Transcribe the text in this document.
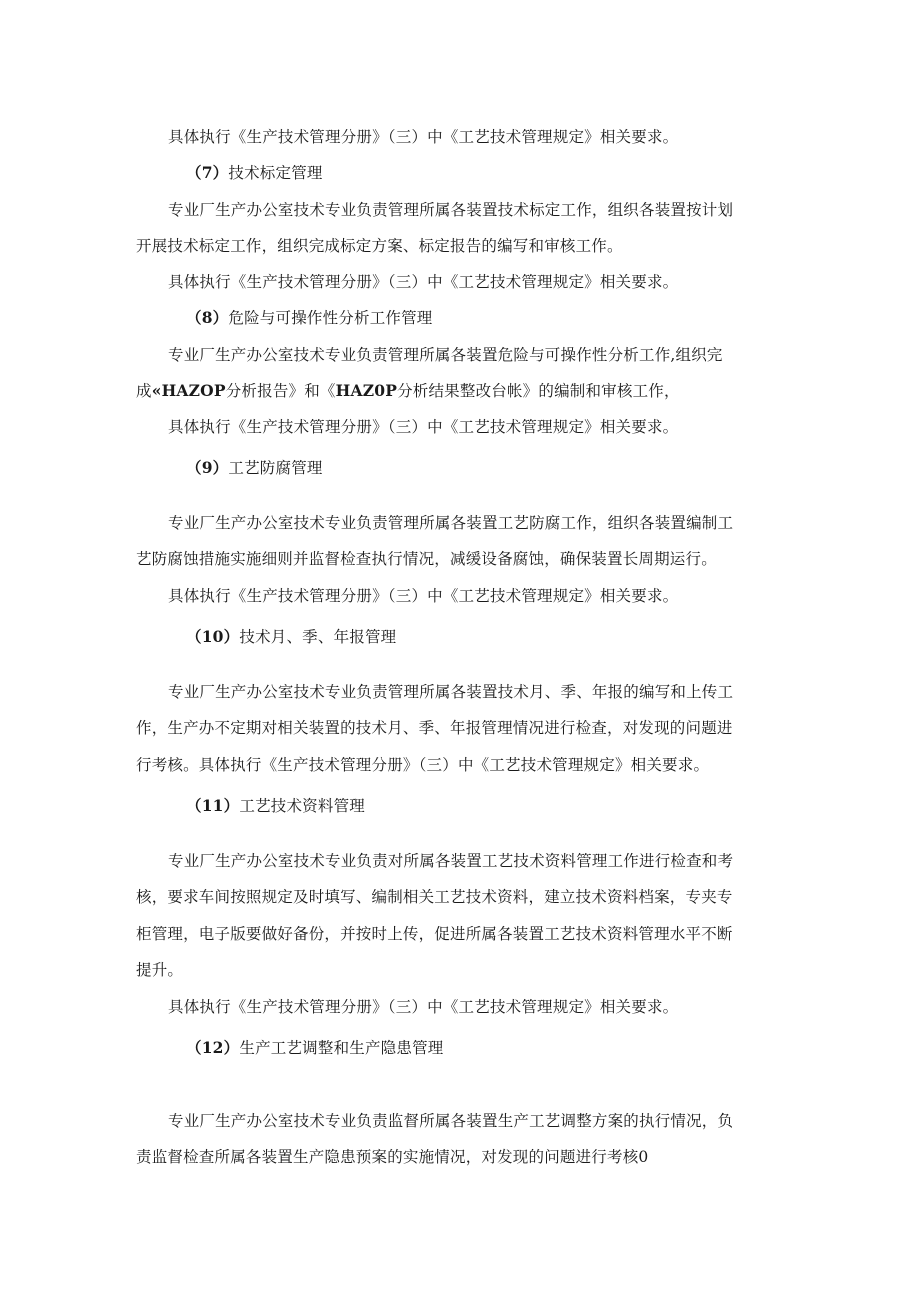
具体执行《生产技术管理分册》（三）中《工艺技术管理规定》相关要求。
（7）技术标定管理
专业厂生产办公室技术专业负责管理所属各装置技术标定工作，组织各装置按计划
开展技术标定工作，组织完成标定方案、标定报告的编写和审核工作。
具体执行《生产技术管理分册》（三）中《工艺技术管理规定》相关要求。
（8）危险与可操作性分析工作管理
专业厂生产办公室技术专业负责管理所属各装置危险与可操作性分析工作,组织完
成«HAZOP分析报告》和《HAZ0P分析结果整改台帐》的编制和审核工作，
具体执行《生产技术管理分册》（三）中《工艺技术管理规定》相关要求。
（9）工艺防腐管理
专业厂生产办公室技术专业负责管理所属各装置工艺防腐工作，组织各装置编制工
艺防腐蚀措施实施细则并监督检查执行情况，减缓设备腐蚀，确保装置长周期运行。
具体执行《生产技术管理分册》（三）中《工艺技术管理规定》相关要求。
（10）技术月、季、年报管理
专业厂生产办公室技术专业负责管理所属各装置技术月、季、年报的编写和上传工
作，生产办不定期对相关装置的技术月、季、年报管理情况进行检查，对发现的问题进
行考核。具体执行《生产技术管理分册》（三）中《工艺技术管理规定》相关要求。
（11）工艺技术资料管理
专业厂生产办公室技术专业负责对所属各装置工艺技术资料管理工作进行检查和考
核，要求车间按照规定及时填写、编制相关工艺技术资料，建立技术资料档案，专夹专
柜管理，电子版要做好备份，并按时上传，促进所属各装置工艺技术资料管理水平不断
提升。
具体执行《生产技术管理分册》（三）中《工艺技术管理规定》相关要求。
（12）生产工艺调整和生产隐患管理
专业厂生产办公室技术专业负责监督所属各装置生产工艺调整方案的执行情况，负
责监督检查所属各装置生产隐患预案的实施情况，对发现的问题进行考核0
